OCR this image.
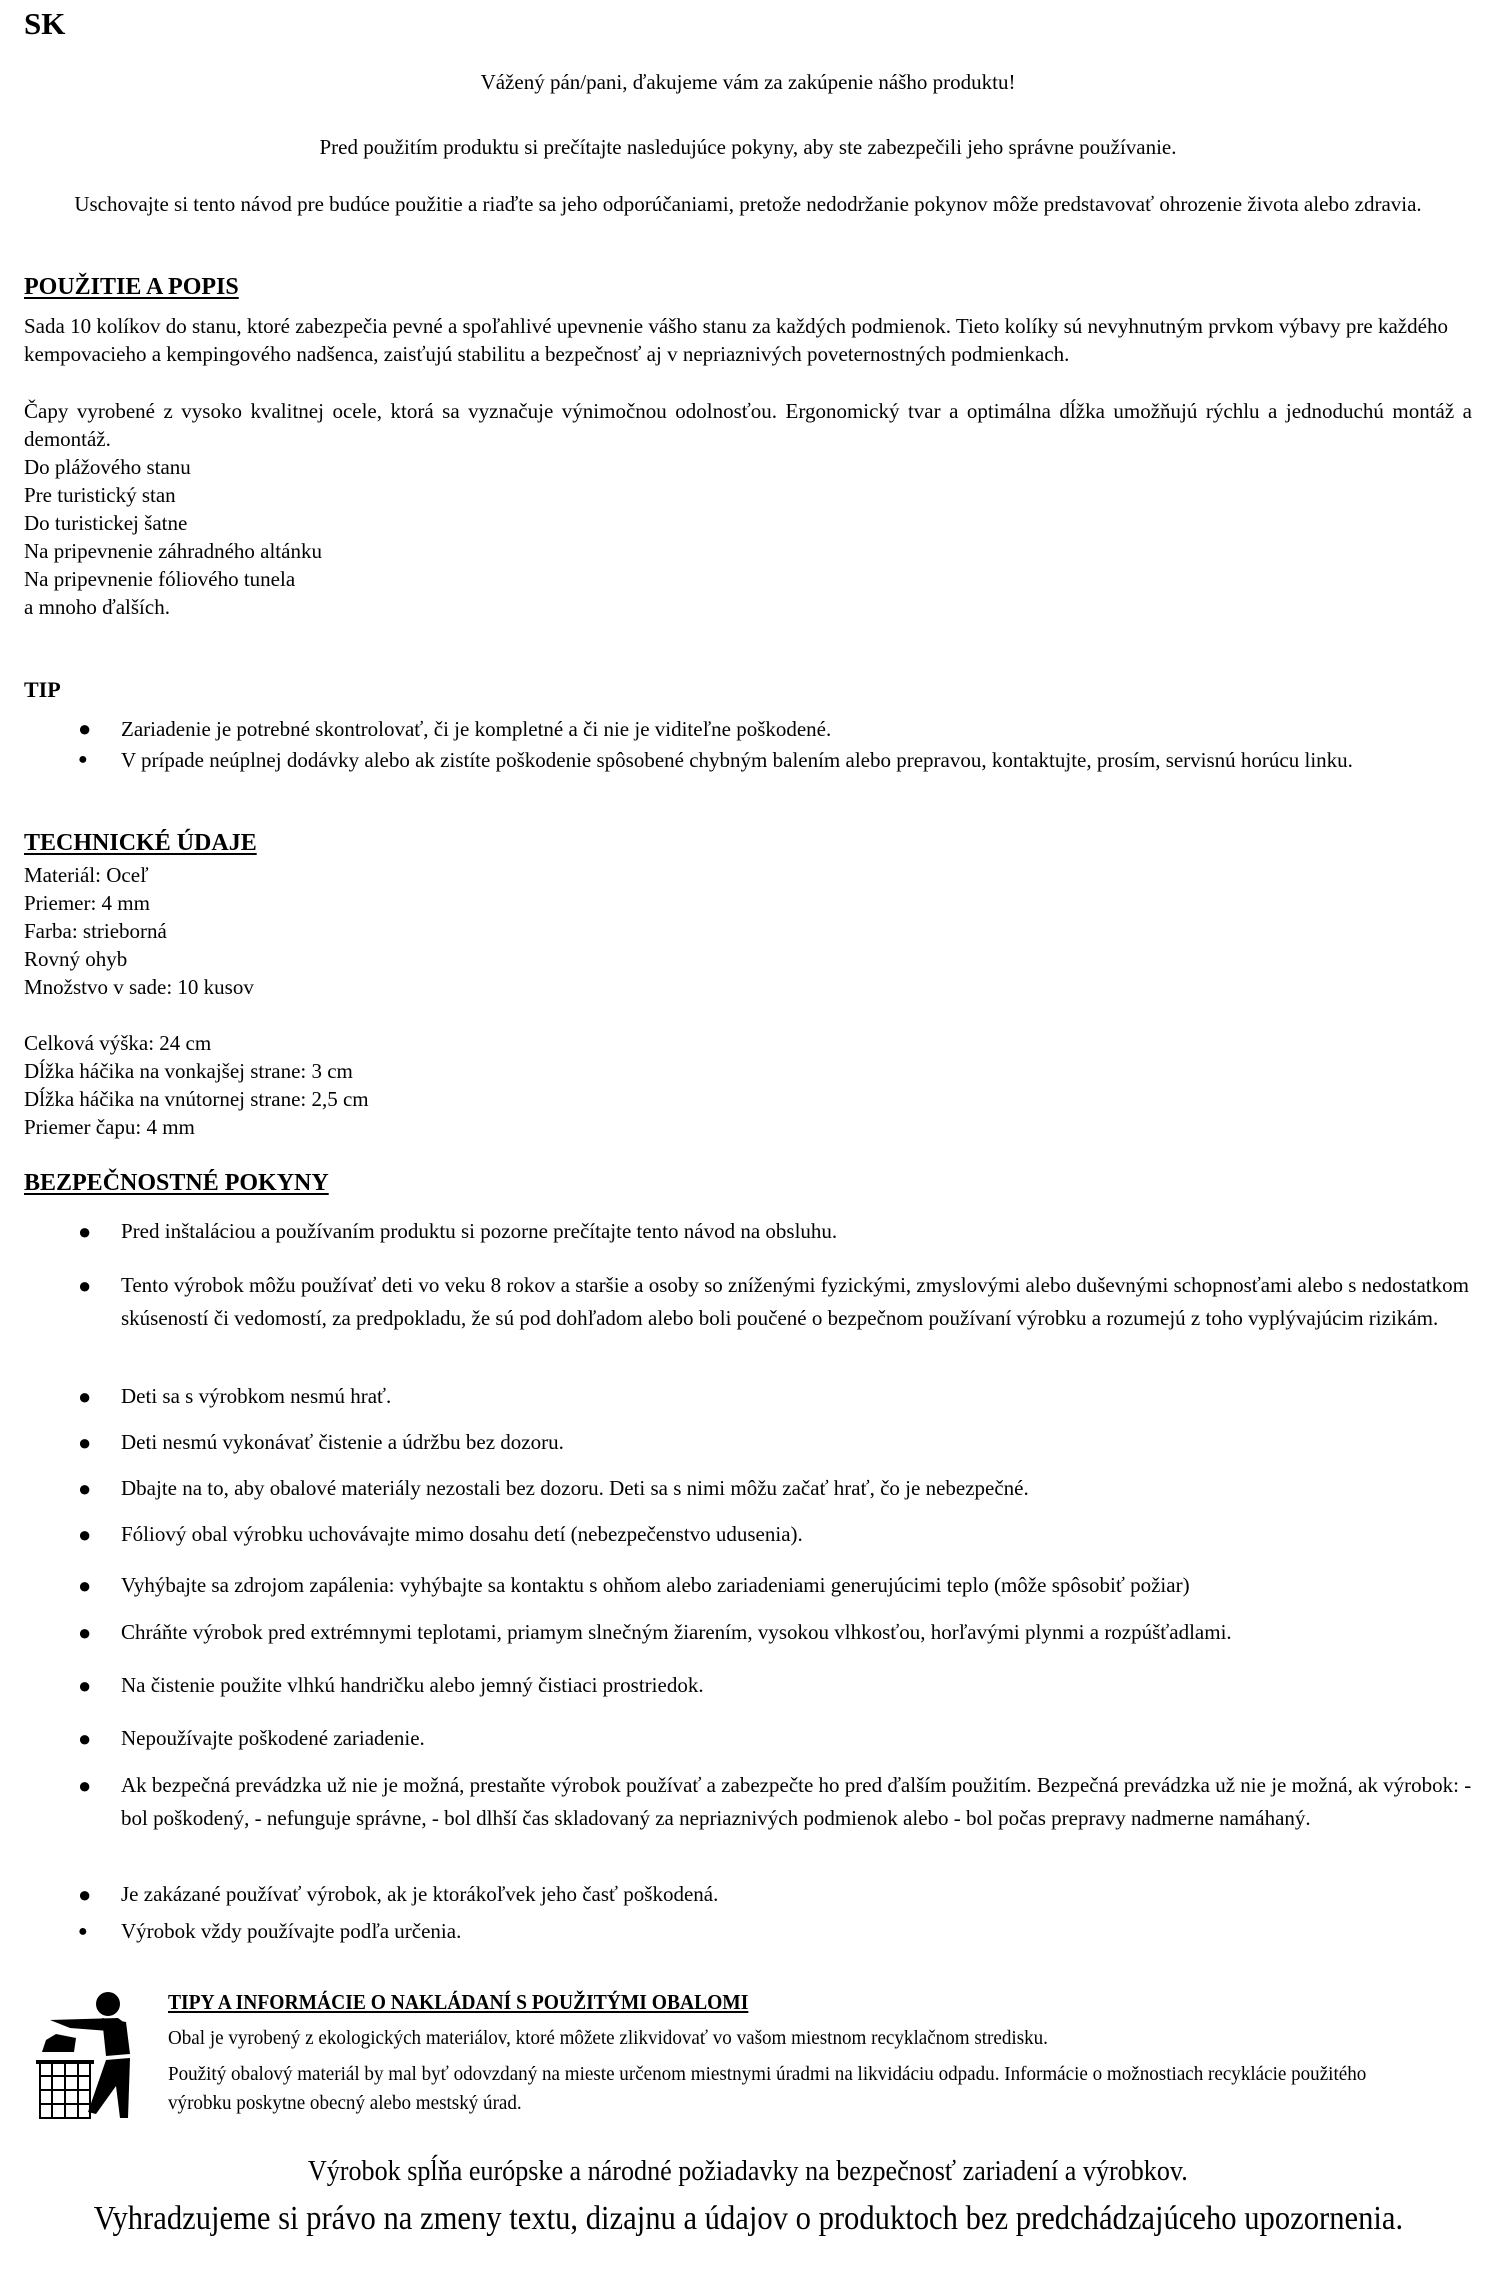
SK
Vážený pán/pani, ďakujeme vám za zakúpenie nášho produktu!
Pred použitím produktu si prečítajte nasledujúce pokyny, aby ste zabezpečili jeho správne používanie.
Uschovajte si tento návod pre budúce použitie a riaďte sa jeho odporúčaniami, pretože nedodržanie pokynov môže predstavovať ohrozenie života alebo zdravia.
POUŽITIE A POPIS
Sada 10 kolíkov do stanu, ktoré zabezpečia pevné a spoľahlivé upevnenie vášho stanu za každých podmienok. Tieto kolíky sú nevyhnutným prvkom výbavy pre každého kempovacieho a kempingového nadšenca, zaisťujú stabilitu a bezpečnosť aj v nepriaznivých poveternostných podmienkach.
Čapy vyrobené z vysoko kvalitnej ocele, ktorá sa vyznačuje výnimočnou odolnosťou. Ergonomický tvar a optimálna dĺžka umožňujú rýchlu a jednoduchú montáž a demontáž.
Do plážového stanu
Pre turistický stan
Do turistickej šatne
Na pripevnenie záhradného altánku
Na pripevnenie fóliového tunela
a mnoho ďalších.
TIP
●	Zariadenie je potrebné skontrolovať, či je kompletné a či nie je viditeľne poškodené.
●	V prípade neúplnej dodávky alebo ak zistíte poškodenie spôsobené chybným balením alebo prepravou, kontaktujte, prosím, servisnú horúcu linku.
TECHNICKÉ ÚDAJE
Materiál: Oceľ
Priemer: 4 mm
Farba: strieborná
Rovný ohyb
Množstvo v sade: 10 kusov
Celková výška: 24 cm
Dĺžka háčika na vonkajšej strane: 3 cm
Dĺžka háčika na vnútornej strane: 2,5 cm
Priemer čapu: 4 mm
BEZPEČNOSTNÉ POKYNY
●	Pred inštaláciou a používaním produktu si pozorne prečítajte tento návod na obsluhu.
●	Tento výrobok môžu používať deti vo veku 8 rokov a staršie a osoby so zníženými fyzickými, zmyslovými alebo duševnými schopnosťami alebo s nedostatkom skúseností či vedomostí, za predpokladu, že sú pod dohľadom alebo boli poučené o bezpečnom používaní výrobku a rozumejú z toho vyplývajúcim rizikám.
●	Deti sa s výrobkom nesmú hrať.
●	Deti nesmú vykonávať čistenie a údržbu bez dozoru.
●	Dbajte na to, aby obalové materiály nezostali bez dozoru. Deti sa s nimi môžu začať hrať, čo je nebezpečné.
●	Fóliový obal výrobku uchovávajte mimo dosahu detí (nebezpečenstvo udusenia).
●	Vyhýbajte sa zdrojom zapálenia: vyhýbajte sa kontaktu s ohňom alebo zariadeniami generujúcimi teplo (môže spôsobiť požiar)
●	Chráňte výrobok pred extrémnymi teplotami, priamym slnečným žiarením, vysokou vlhkosťou, horľavými plynmi a rozpúšťadlami.
●	Na čistenie použite vlhkú handričku alebo jemný čistiaci prostriedok.
●	Nepoužívajte poškodené zariadenie.
●	Ak bezpečná prevádzka už nie je možná, prestaňte výrobok používať a zabezpečte ho pred ďalším použitím. Bezpečná prevádzka už nie je možná, ak výrobok: - bol poškodený, - nefunguje správne, - bol dlhší čas skladovaný za nepriaznivých podmienok alebo - bol počas prepravy nadmerne namáhaný.
●	Je zakázané používať výrobok, ak je ktorákoľvek jeho časť poškodená.
●	Výrobok vždy používajte podľa určenia.
TIPY A INFORMÁCIE O NAKLÁDANÍ S POUŽITÝMI OBALOMI
Obal je vyrobený z ekologických materiálov, ktoré môžete zlikvidovať vo vašom miestnom recyklačnom stredisku.
Použitý obalový materiál by mal byť odovzdaný na mieste určenom miestnymi úradmi na likvidáciu odpadu. Informácie o možnostiach recyklácie použitého výrobku poskytne obecný alebo mestský úrad.
Výrobok spĺňa európske a národné požiadavky na bezpečnosť zariadení a výrobkov.
Vyhradzujeme si právo na zmeny textu, dizajnu a údajov o produktoch bez predchádzajúceho upozornenia.
